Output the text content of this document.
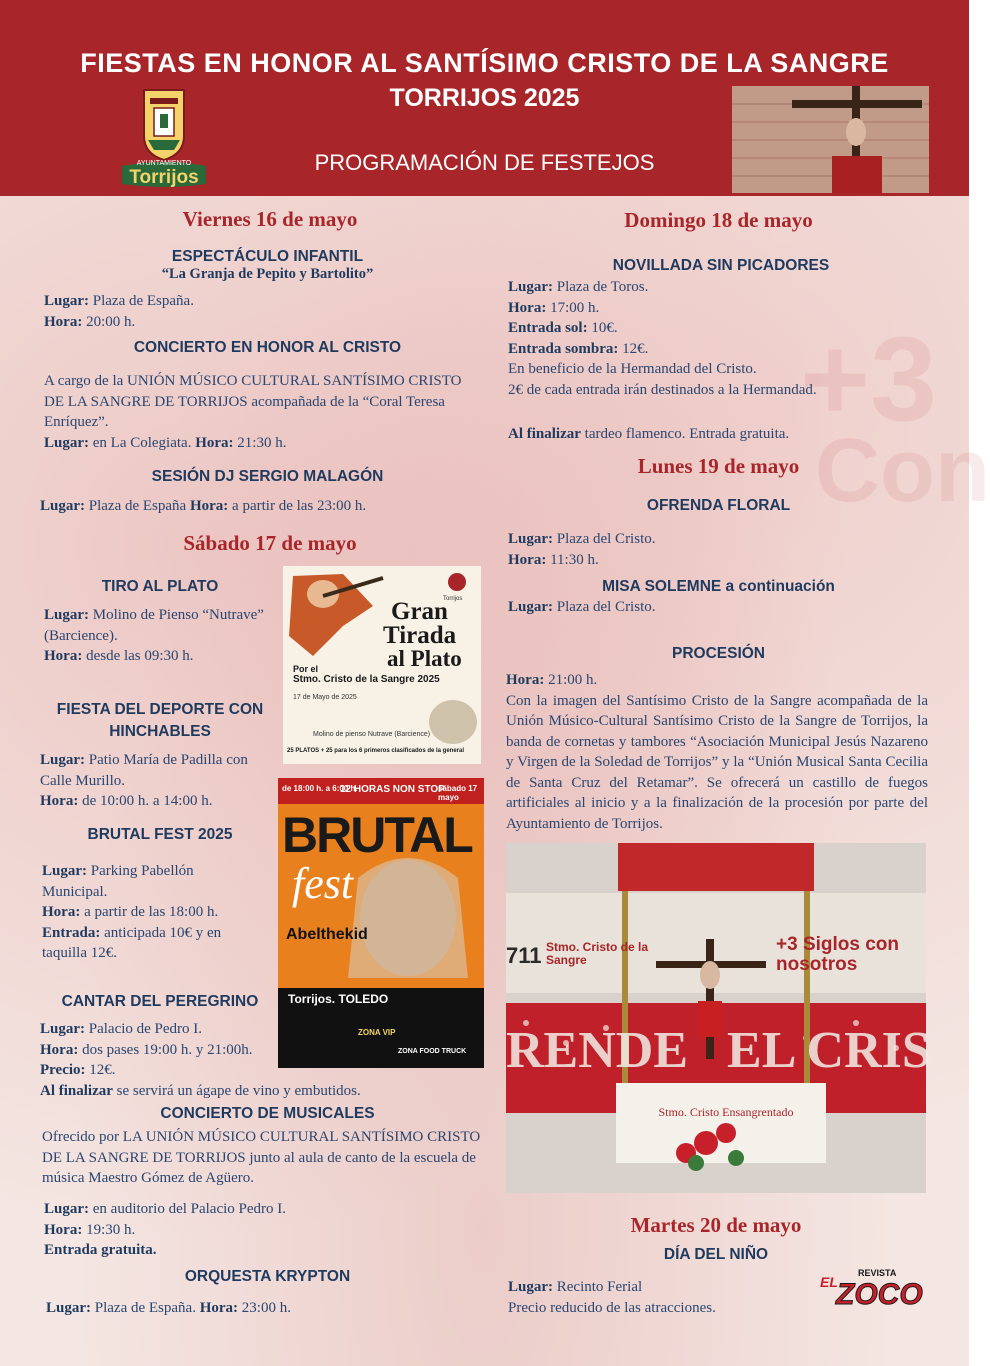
+3
Con
FIESTAS EN HONOR AL SANTÍSIMO CRISTO DE LA SANGRE
TORRIJOS 2025
PROGRAMACIÓN DE FESTEJOS
AYUNTAMIENTO
Torrijos
Viernes 16 de mayo
ESPECTÁCULO INFANTIL
“La Granja de Pepito y Bartolito”
Lugar: Plaza de España.
Hora: 20:00 h.
CONCIERTO EN HONOR AL CRISTO
A cargo de la UNIÓN MÚSICO CULTURAL SANTÍSIMO CRISTO DE LA SANGRE DE TORRIJOS acompañada de la “Coral Teresa Enríquez”.
Lugar: en La Colegiata. Hora: 21:30 h.
SESIÓN DJ SERGIO MALAGÓN
Lugar: Plaza de España Hora: a partir de las 23:00 h.
Sábado 17 de mayo
TIRO AL PLATO
Lugar: Molino de Pienso “Nutrave” (Barcience).
Hora: desde las 09:30 h.
FIESTA DEL DEPORTE CON
HINCHABLES
Lugar: Patio María de Padilla con Calle Murillo.
Hora: de 10:00 h. a 14:00 h.
BRUTAL FEST 2025
Lugar: Parking Pabellón Municipal.
Hora: a partir de las 18:00 h.
Entrada: anticipada 10€ y en taquilla 12€.
CANTAR DEL PEREGRINO
Lugar: Palacio de Pedro I.
Hora: dos pases 19:00 h. y 21:00h.
Precio: 12€.
Al finalizar se servirá un ágape de vino y embutidos.
CONCIERTO DE MUSICALES
Ofrecido por LA UNIÓN MÚSICO CULTURAL SANTÍSIMO CRISTO DE LA SANGRE DE TORRIJOS junto al aula de canto de la escuela de música Maestro Gómez de Agüero.
Lugar: en auditorio del Palacio Pedro I.
Hora: 19:30 h.
Entrada gratuita.
ORQUESTA KRYPTON
Lugar: Plaza de España. Hora: 23:00 h.
Gran
Tirada
al Plato
Por el
Stmo. Cristo de la Sangre 2025
17 de Mayo de 2025
Molino de pienso Nutrave (Barcience)
25 PLATOS + 25 para los 6 primeros clasificados de la general
Torrijos
de 18:00 h. a 6:00 h.
12 HORAS NON STOP
sábado 17 mayo
BRUTAL
fest
Abelthekid
Torrijos. TOLEDO
ZONA VIP
ZONA FOOD TRUCK
Domingo 18 de mayo
NOVILLADA SIN PICADORES
Lugar: Plaza de Toros.
Hora: 17:00 h.
Entrada sol: 10€.
Entrada sombra: 12€.
En beneficio de la Hermandad del Cristo.
2€ de cada entrada irán destinados a la Hermandad.
Al finalizar tardeo flamenco. Entrada gratuita.
Lunes 19 de mayo
OFRENDA FLORAL
Lugar: Plaza del Cristo.
Hora: 11:30 h.
MISA SOLEMNE a continuación
Lugar: Plaza del Cristo.
PROCESIÓN
Hora: 21:00 h.
Con la imagen del Santísimo Cristo de la Sangre acompañada de la Unión Músico-Cultural Santísimo Cristo de la Sangre de Torrijos, la banda de cornetas y tambores “Asociación Municipal Jesús Nazareno y Virgen de la Soledad de Torrijos” y la “Unión Musical Santa Cecilia de Santa Cruz del Retamar”. Se ofrecerá un castillo de fuegos artificiales al inicio y a la finalización de la procesión por parte del Ayuntamiento de Torrijos.
711 Stmo. Cristo de la Sangre
+3 Siglos con nosotros
RENDE   EL CRIS
Stmo. Cristo Ensangrentado
Martes 20 de mayo
DÍA DEL NIÑO
Lugar: Recinto Ferial
Precio reducido de las atracciones.
REVISTA
EL
ZOCO
